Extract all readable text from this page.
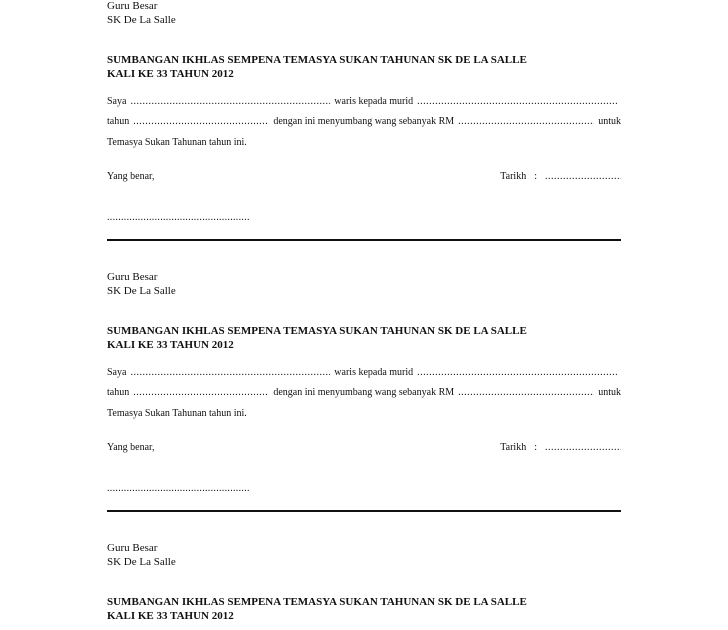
Guru Besar
SK De La Salle
SUMBANGAN IKHLAS SEMPENA TEMASYA SUKAN TAHUNAN SK DE LA SALLE
KALI KE 33 TAHUN 2012
Saya .....	waris kepada murid
.....
tahun .....	dengan ini menyumbang wang sebanyak RM .....	untuk
Temasya Sukan Tahunan tahun ini.
Yang benar,	Tarikh :
.....
.....
Guru Besar
SK De La Salle
SUMBANGAN IKHLAS SEMPENA TEMASYA SUKAN TAHUNAN SK DE LA SALLE
KALI KE 33 TAHUN 2012
Saya .....	waris kepada murid
.....
tahun .....	dengan ini menyumbang wang sebanyak RM .....	untuk
Temasya Sukan Tahunan tahun ini.
Yang benar,	Tarikh :
.....
.....
Guru Besar
SK De La Salle
SUMBANGAN IKHLAS SEMPENA TEMASYA SUKAN TAHUNAN SK DE LA SALLE
KALI KE 33 TAHUN 2012
